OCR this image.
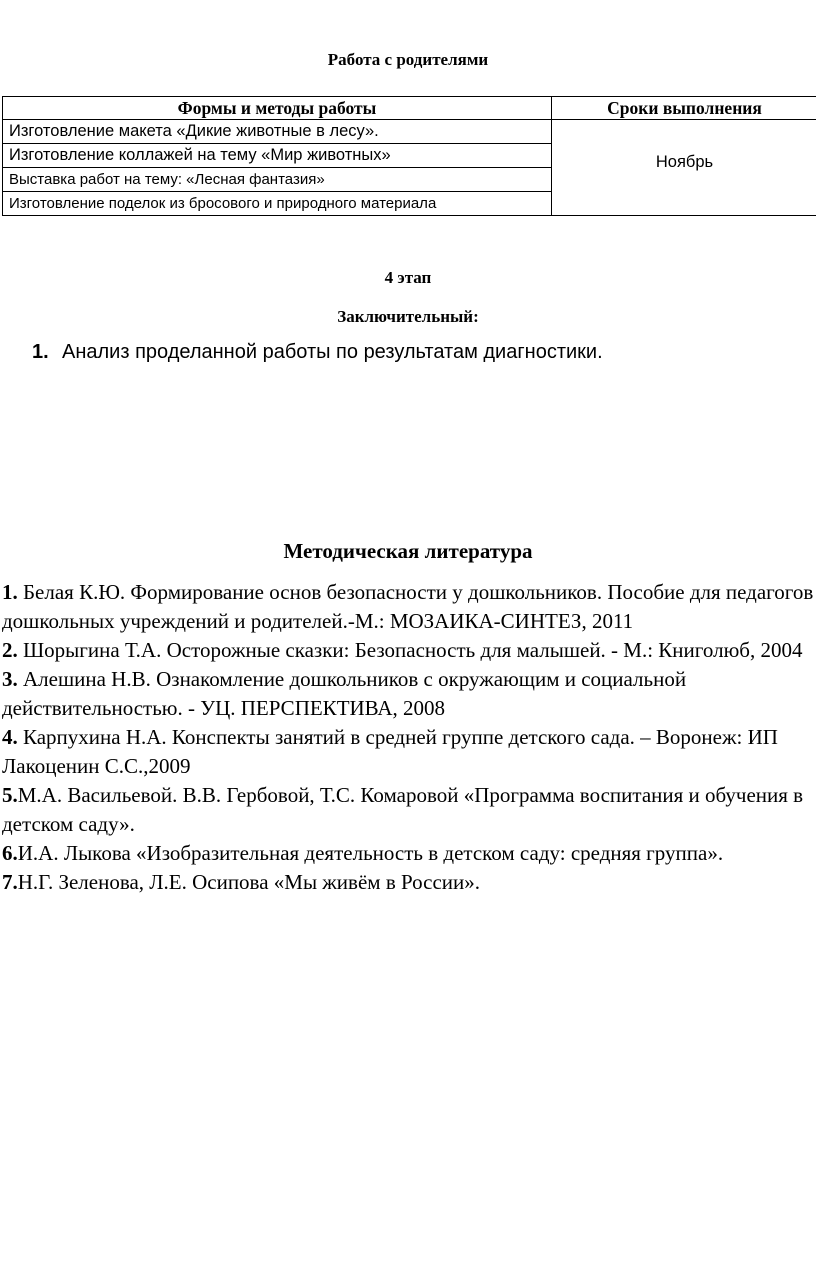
Работа с родителями
Формы и методы работы	Сроки выполнения
Изготовление макета «Дикие животные в лесу».	Ноябрь
Изготовление коллажей на тему «Мир животных»	
Выставка работ на тему: «Лесная фантазия»	
Изготовление поделок из бросового и природного материала	
4 этап
Заключительный:
1. Анализ проделанной работы по результатам диагностики.
Методическая литература
1. Белая К.Ю. Формирование основ безопасности у дошкольников. Пособие для педагогов дошкольных учреждений и родителей.-М.: МОЗАИКА-СИНТЕЗ, 2011
2. Шорыгина Т.А. Осторожные сказки: Безопасность для малышей. - М.: Книголюб, 2004
3. Алешина Н.В. Ознакомление дошкольников с окружающим и социальной действительностью. - УЦ. ПЕРСПЕКТИВА, 2008
4. Карпухина Н.А. Конспекты занятий в средней группе детского сада. – Воронеж: ИП Лакоценин С.С.,2009
5.М.А. Васильевой. В.В. Гербовой, Т.С. Комаровой «Программа воспитания и обучения в детском саду».
6.И.А. Лыкова «Изобразительная деятельность в детском саду: средняя группа».
7.Н.Г. Зеленова, Л.Е. Осипова «Мы живём в России».
